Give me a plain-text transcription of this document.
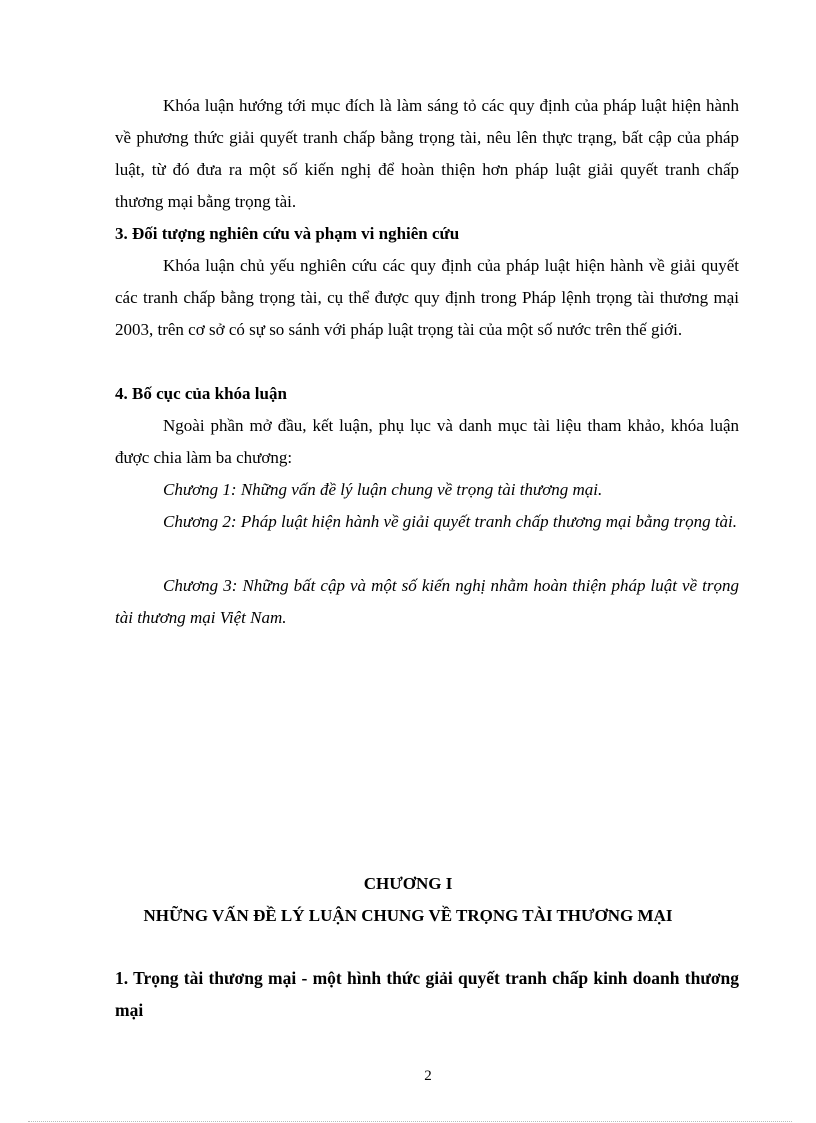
Khóa luận hướng tới mục đích là làm sáng tỏ các quy định của pháp luật hiện hành về phương thức giải quyết tranh chấp bằng trọng tài, nêu lên thực trạng, bất cập của pháp luật, từ đó đưa ra một số kiến nghị để hoàn thiện hơn pháp luật giải quyết tranh chấp thương mại bằng trọng tài.

3. Đối tượng nghiên cứu và phạm vi nghiên cứu

Khóa luận chủ yếu nghiên cứu các quy định của pháp luật hiện hành về giải quyết các tranh chấp bằng trọng tài, cụ thể được quy định trong Pháp lệnh trọng tài thương mại 2003, trên cơ sở có sự so sánh với pháp luật trọng tài của một số nước trên thế giới.

4. Bố cục của khóa luận

Ngoài phần mở đầu, kết luận, phụ lục và danh mục tài liệu tham khảo, khóa luận được chia làm ba chương:

Chương 1: Những vấn đề lý luận chung về trọng tài thương mại.

Chương 2: Pháp luật hiện hành về giải quyết tranh chấp thương mại bằng trọng tài.

Chương 3: Những bất cập và một số kiến nghị nhằm hoàn thiện pháp luật về trọng tài thương mại Việt Nam.

CHƯƠNG I

NHỮNG VẤN ĐỀ LÝ LUẬN CHUNG VỀ TRỌNG TÀI THƯƠNG MẠI

1. Trọng tài thương mại - một hình thức giải quyết tranh chấp kinh doanh thương mại

2
